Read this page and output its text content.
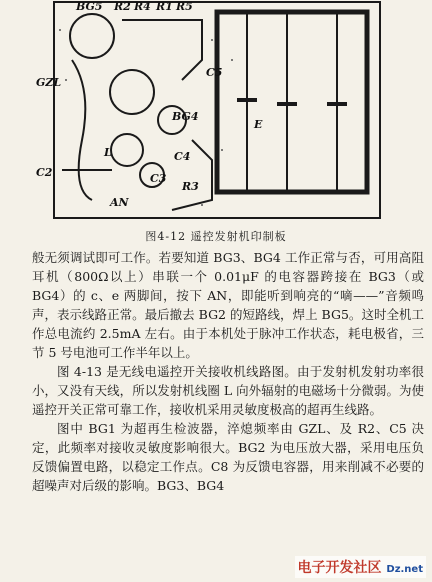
BG5 R2 R4 R1 R5
GZL
C5
E
BG4
C2
L
R3
AN
C4
C3
图4-12 遥控发射机印制板

般无须调试即可工作。若要知道 BG3、BG4 工作正常与否，可用高阻耳机（800Ω以上）串联一个 0.01μF 的电容器跨接在 BG3（或 BG4）的 c、e 两脚间，按下 AN，即能听到响亮的“嘀——”音频鸣声，表示线路正常。最后撤去 BG2 的短路线，焊上 BG5。这时全机工作总电流约 2.5mA 左右。由于本机处于脉冲工作状态，耗电极省，三节 5 号电池可工作半年以上。

图 4-13 是无线电遥控开关接收机线路图。由于发射机发射功率很小，又没有天线，所以发射机线圈 L 向外辐射的电磁场十分微弱。为使遥控开关正常可靠工作，接收机采用灵敏度极高的超再生线路。

图中 BG1 为超再生检波器，淬熄频率由 GZL、及 R2、C5 决定，此频率对接收灵敏度影响很大。BG2 为电压放大器，采用电压负反馈偏置电路，以稳定工作点。C8 为反馈电容器，用来削减不必要的超噪声对后级的影响。BG3、BG4

电子开发社区 Dz.net
